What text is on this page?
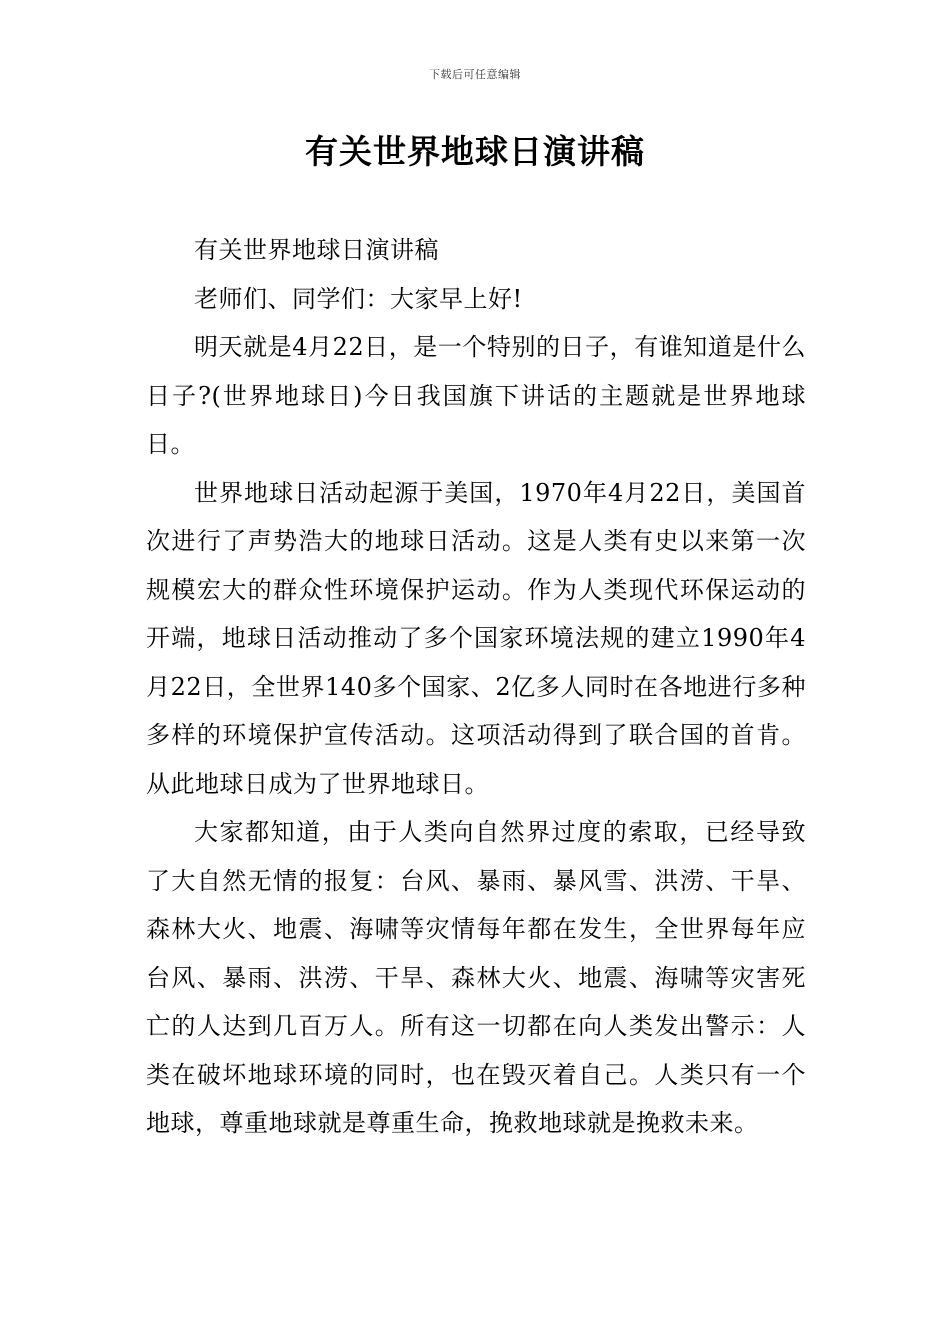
下载后可任意编辑
有关世界地球日演讲稿

有关世界地球日演讲稿

老师们、同学们：大家早上好!

明天就是4月22日，是一个特别的日子，有谁知道是什么日子?(世界地球日)今日我国旗下讲话的主题就是世界地球日。

世界地球日活动起源于美国，1970年4月22日，美国首次进行了声势浩大的地球日活动。这是人类有史以来第一次规模宏大的群众性环境保护运动。作为人类现代环保运动的开端，地球日活动推动了多个国家环境法规的建立1990年4月22日，全世界140多个国家、2亿多人同时在各地进行多种多样的环境保护宣传活动。这项活动得到了联合国的首肯。从此地球日成为了世界地球日。

大家都知道，由于人类向自然界过度的索取，已经导致了大自然无情的报复：台风、暴雨、暴风雪、洪涝、干旱、森林大火、地震、海啸等灾情每年都在发生，全世界每年应台风、暴雨、洪涝、干旱、森林大火、地震、海啸等灾害死亡的人达到几百万人。所有这一切都在向人类发出警示：人类在破坏地球环境的同时，也在毁灭着自己。人类只有一个地球，尊重地球就是尊重生命，挽救地球就是挽救未来。
